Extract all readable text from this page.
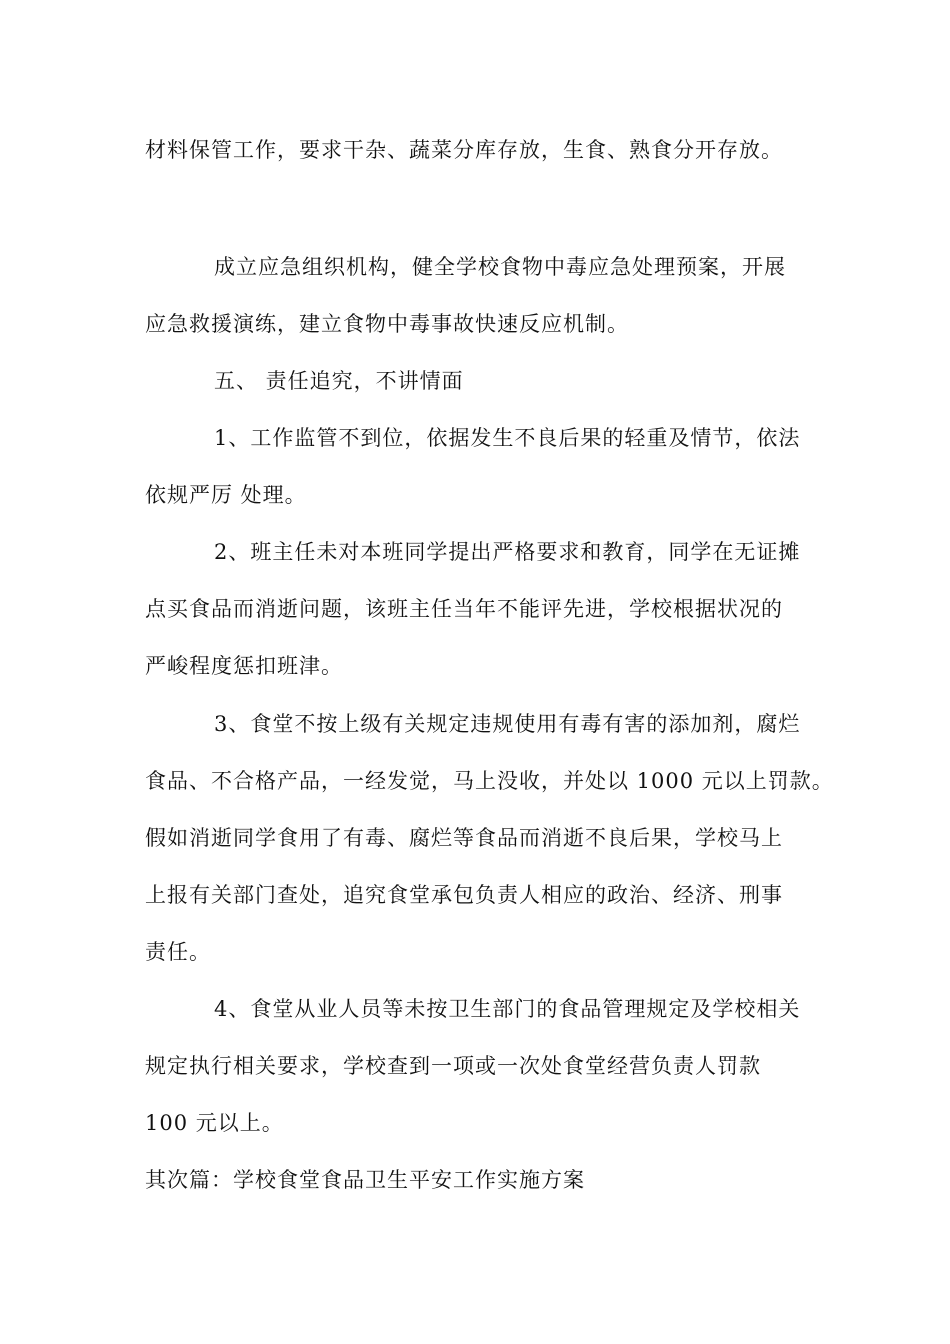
材料保管工作，要求干杂、蔬菜分库存放，生食、熟食分开存放。
成立应急组织机构，健全学校食物中毒应急处理预案，开展
应急救援演练，建立食物中毒事故快速反应机制。
五、 责任追究，不讲情面
1、工作监管不到位，依据发生不良后果的轻重及情节，依法
依规严厉 处理。
2、班主任未对本班同学提出严格要求和教育，同学在无证摊
点买食品而消逝问题，该班主任当年不能评先进，学校根据状况的
严峻程度惩扣班津。
3、食堂不按上级有关规定违规使用有毒有害的添加剂，腐烂
食品、不合格产品，一经发觉，马上没收，并处以 1000 元以上罚款。
假如消逝同学食用了有毒、腐烂等食品而消逝不良后果，学校马上
上报有关部门查处，追究食堂承包负责人相应的政治、经济、刑事
责任。
4、食堂从业人员等未按卫生部门的食品管理规定及学校相关
规定执行相关要求，学校查到一项或一次处食堂经营负责人罚款
100 元以上。
其次篇：学校食堂食品卫生平安工作实施方案
